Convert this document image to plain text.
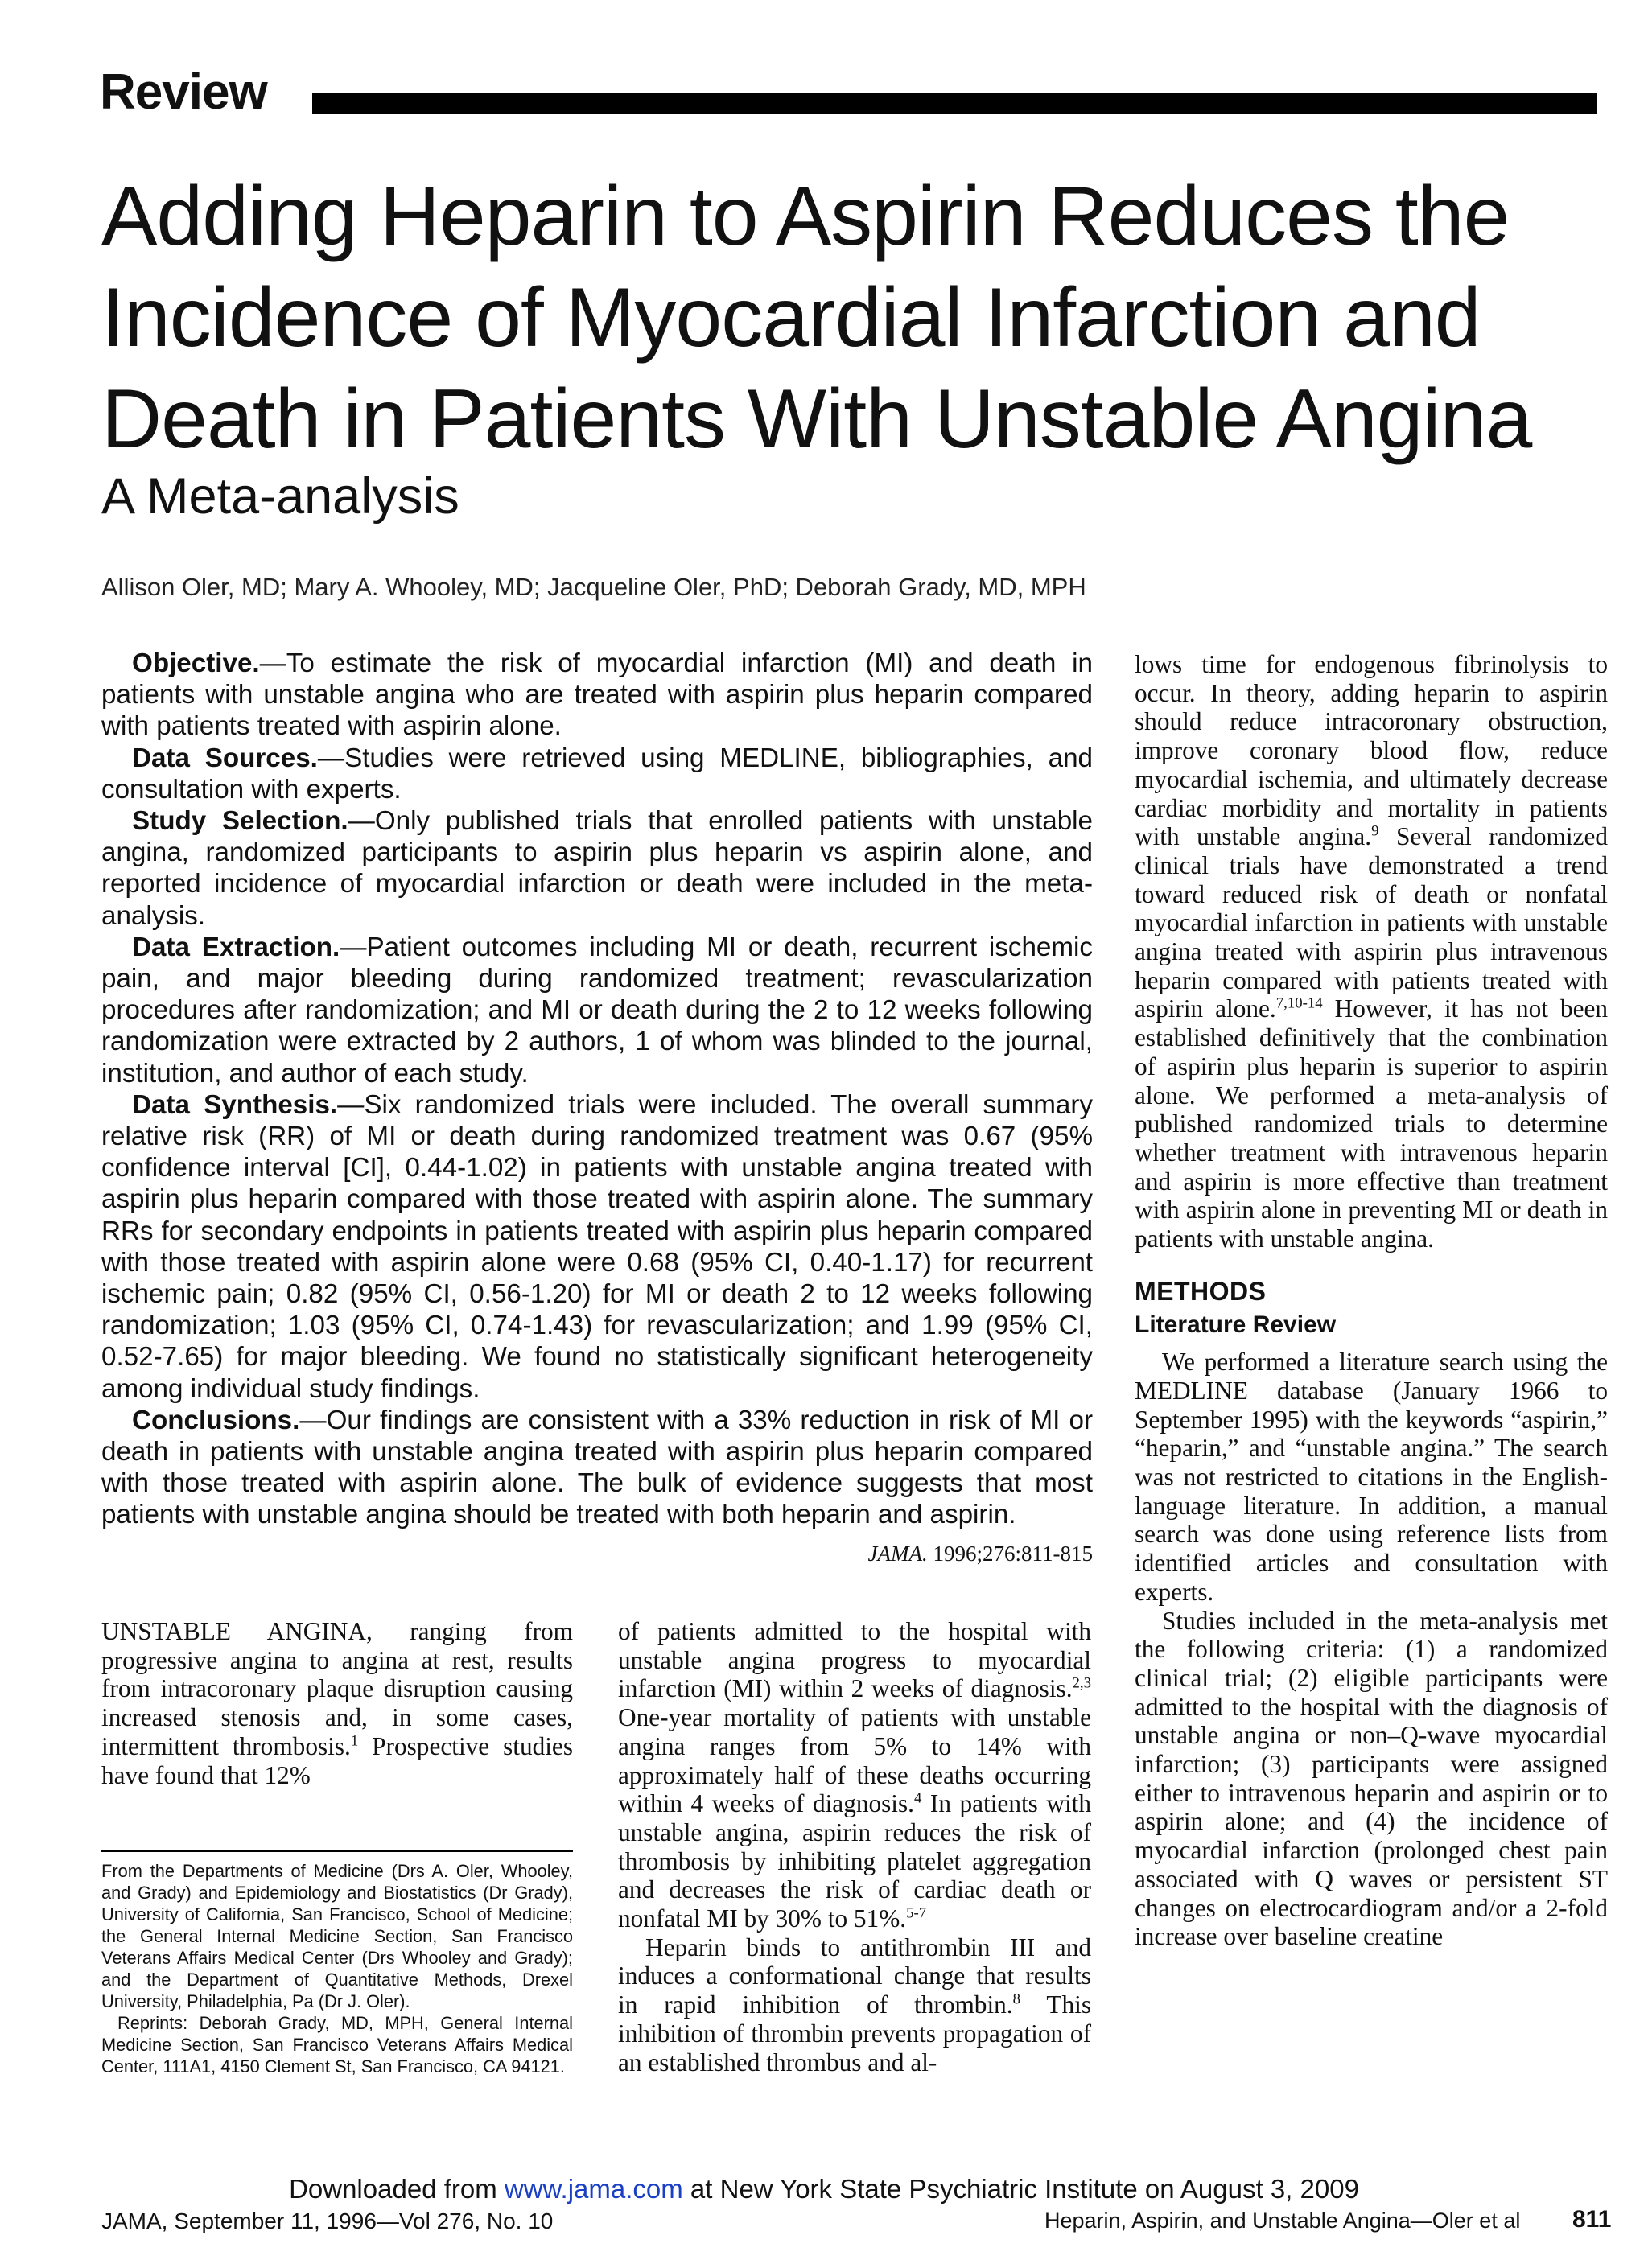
Review
Adding Heparin to Aspirin Reduces the
Incidence of Myocardial Infarction and
Death in Patients With Unstable Angina
A Meta-analysis
Allison Oler, MD; Mary A. Whooley, MD; Jacqueline Oler, PhD; Deborah Grady, MD, MPH

Objective.—To estimate the risk of myocardial infarction (MI) and death in patients with unstable angina who are treated with aspirin plus heparin compared with patients treated with aspirin alone.

Data Sources.—Studies were retrieved using MEDLINE, bibliographies, and consultation with experts.

Study Selection.—Only published trials that enrolled patients with unstable angina, randomized participants to aspirin plus heparin vs aspirin alone, and reported incidence of myocardial infarction or death were included in the meta-analysis.

Data Extraction.—Patient outcomes including MI or death, recurrent ischemic pain, and major bleeding during randomized treatment; revascularization procedures after randomization; and MI or death during the 2 to 12 weeks following randomization were extracted by 2 authors, 1 of whom was blinded to the journal, institution, and author of each study.

Data Synthesis.—Six randomized trials were included. The overall summary relative risk (RR) of MI or death during randomized treatment was 0.67 (95% confidence interval [CI], 0.44-1.02) in patients with unstable angina treated with aspirin plus heparin compared with those treated with aspirin alone. The summary RRs for secondary endpoints in patients treated with aspirin plus heparin compared with those treated with aspirin alone were 0.68 (95% CI, 0.40-1.17) for recurrent ischemic pain; 0.82 (95% CI, 0.56-1.20) for MI or death 2 to 12 weeks following randomization; 1.03 (95% CI, 0.74-1.43) for revascularization; and 1.99 (95% CI, 0.52-7.65) for major bleeding. We found no statistically significant heterogeneity among individual study findings.

Conclusions.—Our findings are consistent with a 33% reduction in risk of MI or death in patients with unstable angina treated with aspirin plus heparin compared with those treated with aspirin alone. The bulk of evidence suggests that most patients with unstable angina should be treated with both heparin and aspirin.

JAMA. 1996;276:811-815

lows time for endogenous fibrinolysis to occur. In theory, adding heparin to aspirin should reduce intracoronary obstruction, improve coronary blood flow, reduce myocardial ischemia, and ultimately decrease cardiac morbidity and mortality in patients with unstable angina.$^9$ Several randomized clinical trials have demonstrated a trend toward reduced risk of death or nonfatal myocardial infarction in patients with unstable angina treated with aspirin plus intravenous heparin compared with patients treated with aspirin alone.$^{7,10-14}$ However, it has not been established definitively that the combination of aspirin plus heparin is superior to aspirin alone. We performed a meta-analysis of published randomized trials to determine whether treatment with intravenous heparin and aspirin is more effective than treatment with aspirin alone in preventing MI or death in patients with unstable angina.

METHODS
Literature Review

We performed a literature search using the MEDLINE database (January 1966 to September 1995) with the keywords “aspirin,” “heparin,” and “unstable angina.” The search was not restricted to citations in the English-language literature. In addition, a manual search was done using reference lists from identified articles and consultation with experts.

Studies included in the meta-analysis met the following criteria: (1) a randomized clinical trial; (2) eligible participants were admitted to the hospital with the diagnosis of unstable angina or non–Q-wave myocardial infarction; (3) participants were assigned either to intravenous heparin and aspirin or to aspirin alone; and (4) the incidence of myocardial infarction (prolonged chest pain associated with Q waves or persistent ST changes on electrocardiogram and/or a 2-fold increase over baseline creatine

UNSTABLE ANGINA, ranging from progressive angina to angina at rest, results from intracoronary plaque disruption causing increased stenosis and, in some cases, intermittent thrombosis.$^1$ Prospective studies have found that 12%

From the Departments of Medicine (Drs A. Oler, Whooley, and Grady) and Epidemiology and Biostatistics (Dr Grady), University of California, San Francisco, School of Medicine; the General Internal Medicine Section, San Francisco Veterans Affairs Medical Center (Drs Whooley and Grady); and the Department of Quantitative Methods, Drexel University, Philadelphia, Pa (Dr J. Oler).

Reprints: Deborah Grady, MD, MPH, General Internal Medicine Section, San Francisco Veterans Affairs Medical Center, 111A1, 4150 Clement St, San Francisco, CA 94121.

of patients admitted to the hospital with unstable angina progress to myocardial infarction (MI) within 2 weeks of diagnosis.$^{2,3}$ One-year mortality of patients with unstable angina ranges from 5% to 14% with approximately half of these deaths occurring within 4 weeks of diagnosis.$^4$ In patients with unstable angina, aspirin reduces the risk of thrombosis by inhibiting platelet aggregation and decreases the risk of cardiac death or nonfatal MI by 30% to 51%.$^{5-7}$

Heparin binds to antithrombin III and induces a conformational change that results in rapid inhibition of thrombin.$^8$ This inhibition of thrombin prevents propagation of an established thrombus and al-

Downloaded from www.jama.com at New York State Psychiatric Institute on August 3, 2009
JAMA, September 11, 1996—Vol 276, No. 10	Heparin, Aspirin, and Unstable Angina—Oler et al 811
